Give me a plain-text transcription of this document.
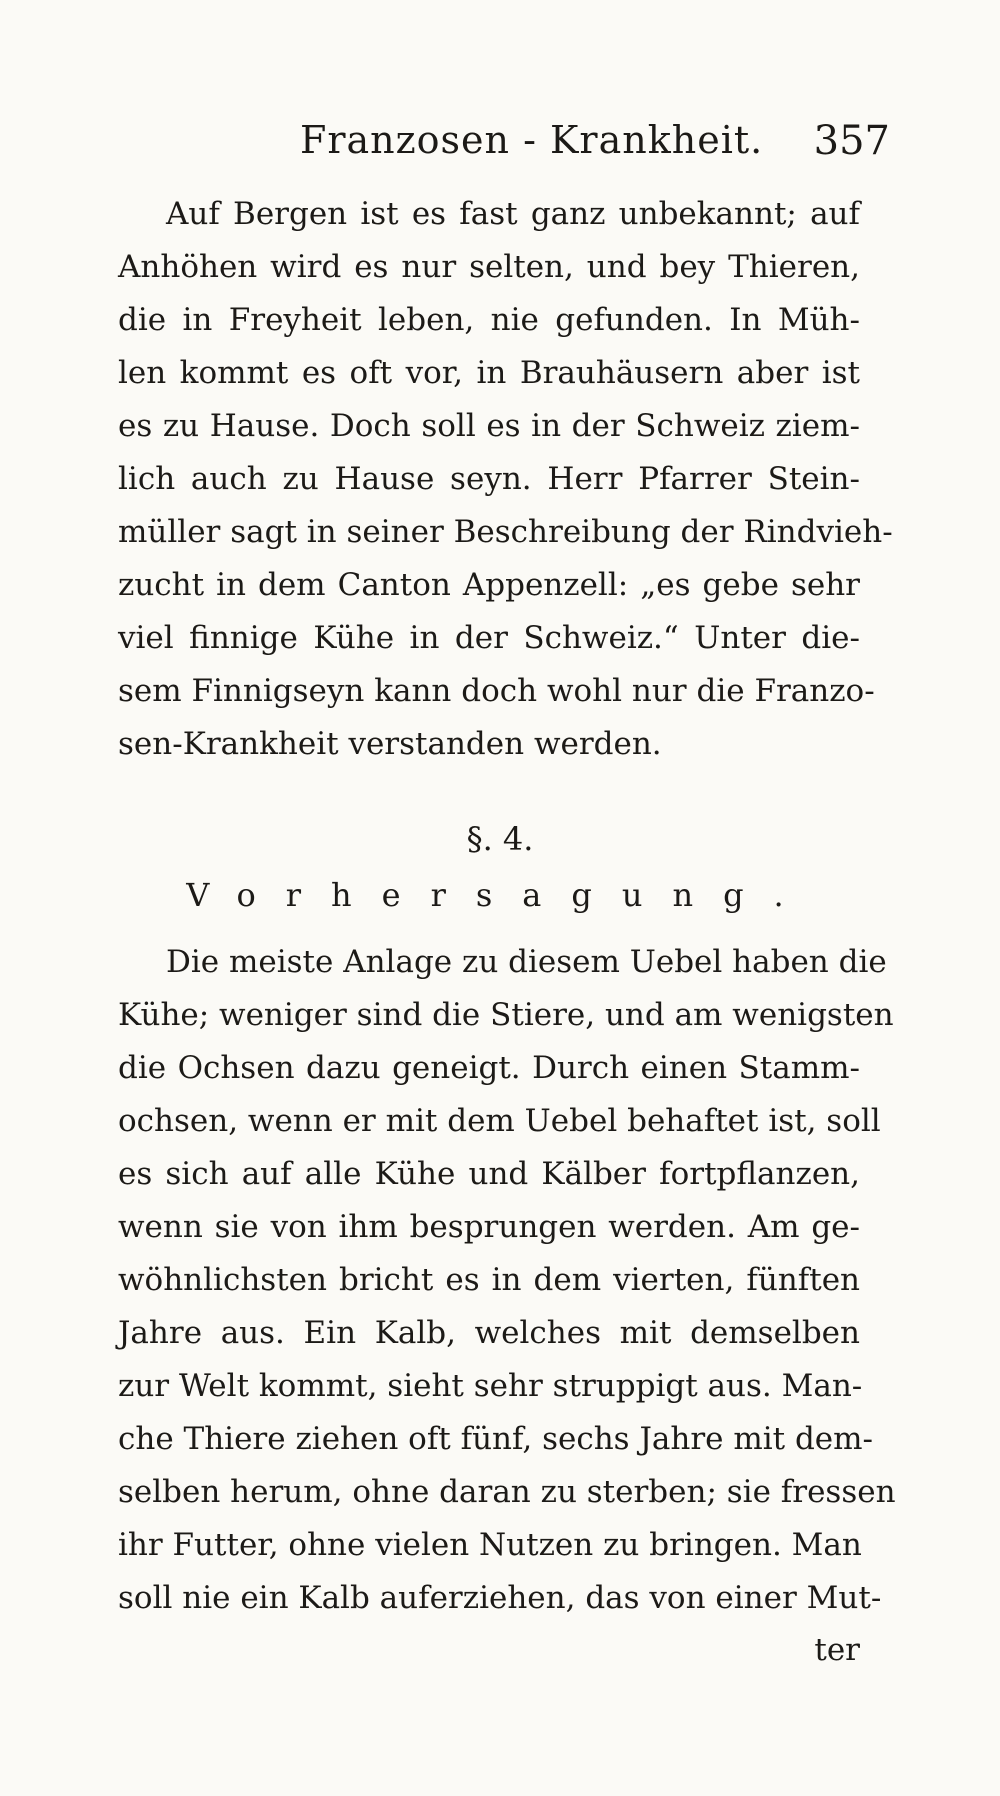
Franzosen - Krankheit. 357
Auf Bergen ist es fast ganz unbekannt; auf
Anhöhen wird es nur selten, und bey Thieren,
die in Freyheit leben, nie gefunden. In Müh-
len kommt es oft vor, in Brauhäusern aber ist
es zu Hause. Doch soll es in der Schweiz ziem-
lich auch zu Hause seyn. Herr Pfarrer Stein-
müller sagt in seiner Beschreibung der Rindvieh-
zucht in dem Canton Appenzell: „es gebe sehr
viel finnige Kühe in der Schweiz.“ Unter die-
sem Finnigseyn kann doch wohl nur die Franzo-
sen-Krankheit verstanden werden.
§. 4.
Vorhersagung.
Die meiste Anlage zu diesem Uebel haben die
Kühe; weniger sind die Stiere, und am wenigsten
die Ochsen dazu geneigt. Durch einen Stamm-
ochsen, wenn er mit dem Uebel behaftet ist, soll
es sich auf alle Kühe und Kälber fortpflanzen,
wenn sie von ihm besprungen werden. Am ge-
wöhnlichsten bricht es in dem vierten, fünften
Jahre aus. Ein Kalb, welches mit demselben
zur Welt kommt, sieht sehr struppigt aus. Man-
che Thiere ziehen oft fünf, sechs Jahre mit dem-
selben herum, ohne daran zu sterben; sie fressen
ihr Futter, ohne vielen Nutzen zu bringen. Man
soll nie ein Kalb auferziehen, das von einer Mut-
ter
